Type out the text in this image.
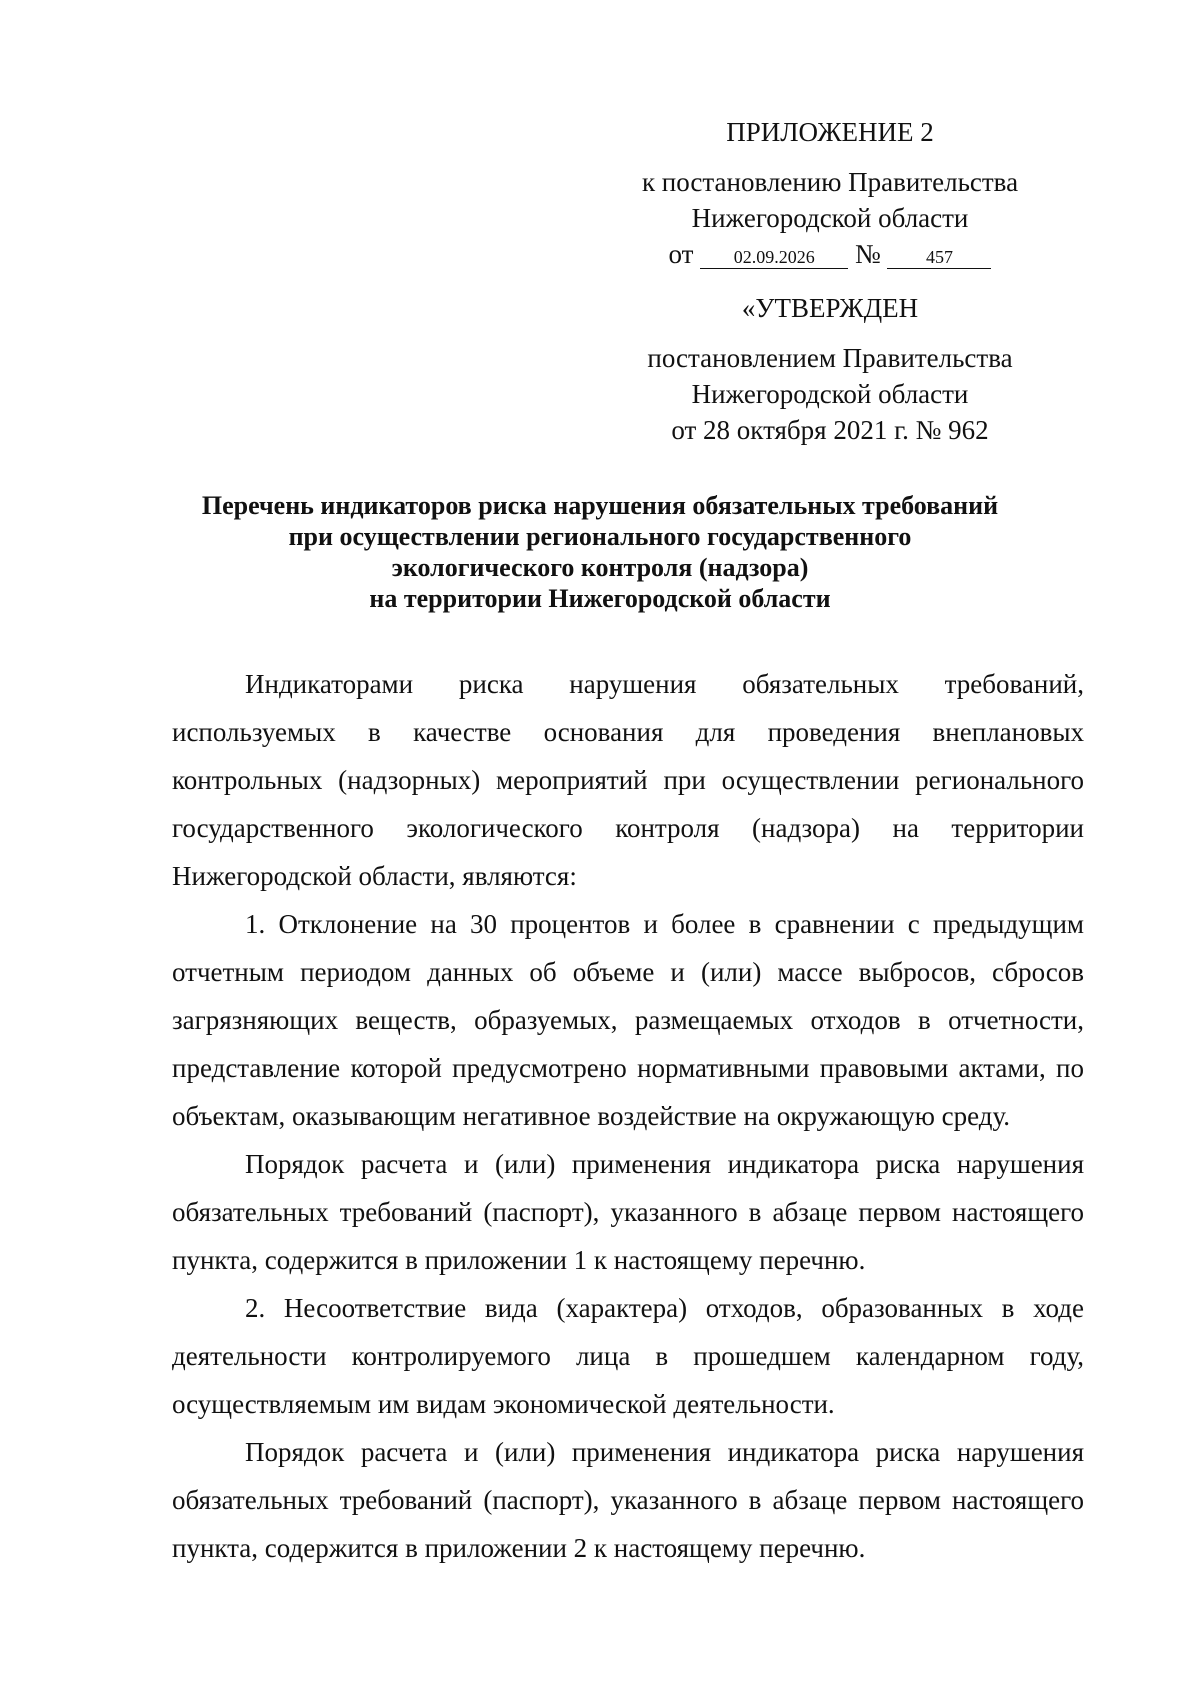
ПРИЛОЖЕНИЕ 2
к постановлению Правительства
Нижегородской области
от 02.09.2026 №	457
«УТВЕРЖДЕН
постановлением Правительства
Нижегородской области
от 28 октября 2021 г. № 962
Перечень индикаторов риска нарушения обязательных требований
при осуществлении регионального государственного
экологического контроля (надзора)
на территории Нижегородской области

Индикаторами риска нарушения обязательных требований, используемых в качестве основания для проведения внеплановых контрольных (надзорных) мероприятий при осуществлении регионального государственного экологического контроля (надзора) на территории Нижегородской области, являются:

1. Отклонение на 30 процентов и более в сравнении с предыдущим отчетным периодом данных об объеме и (или) массе выбросов, сбросов загрязняющих веществ, образуемых, размещаемых отходов в отчетности, представление которой предусмотрено нормативными правовыми актами, по объектам, оказывающим негативное воздействие на окружающую среду.

Порядок расчета и (или) применения индикатора риска нарушения обязательных требований (паспорт), указанного в абзаце первом настоящего пункта, содержится в приложении 1 к настоящему перечню.

2. Несоответствие вида (характера) отходов, образованных в ходе деятельности контролируемого лица в прошедшем календарном году, осуществляемым им видам экономической деятельности.

Порядок расчета и (или) применения индикатора риска нарушения обязательных требований (паспорт), указанного в абзаце первом настоящего пункта, содержится в приложении 2 к настоящему перечню.
